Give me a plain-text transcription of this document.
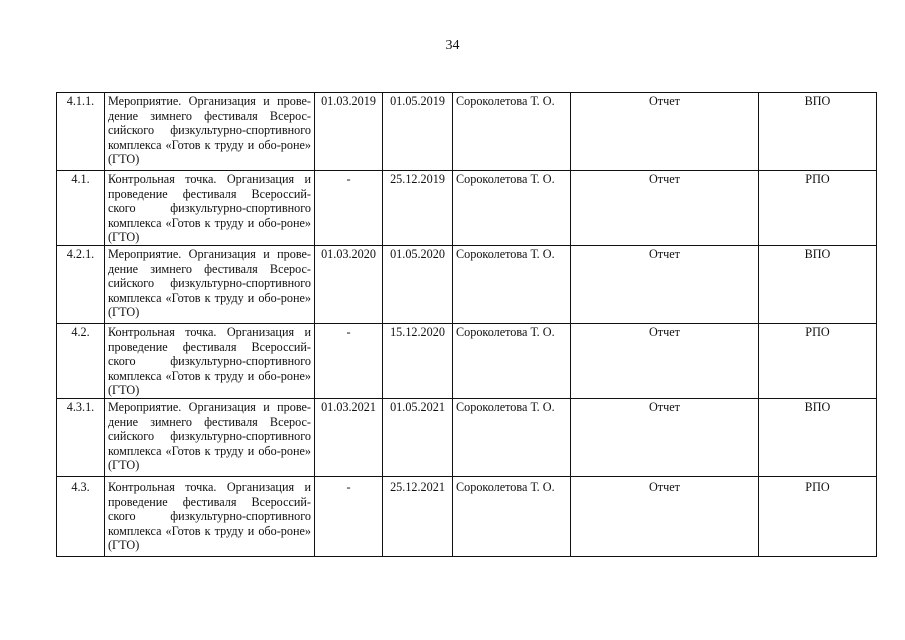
34
4.1.1.	Мероприятие. Организация и прове-дение зимнего фестиваля Всерос-сийского физкультурно-спортивного комплекса «Готов к труду и обо-роне» (ГТО)	01.03.2019	01.05.2019	Сороколетова Т. О.	Отчет	ВПО
4.1.	Контрольная точка. Организация и проведение фестиваля Всероссий-ского физкультурно-спортивного комплекса «Готов к труду и обо-роне» (ГТО)	-	25.12.2019	Сороколетова Т. О.	Отчет	РПО
4.2.1.	Мероприятие. Организация и прове-дение зимнего фестиваля Всерос-сийского физкультурно-спортивного комплекса «Готов к труду и обо-роне» (ГТО)	01.03.2020	01.05.2020	Сороколетова Т. О.	Отчет	ВПО
4.2.	Контрольная точка. Организация и проведение фестиваля Всероссий-ского физкультурно-спортивного комплекса «Готов к труду и обо-роне» (ГТО)	-	15.12.2020	Сороколетова Т. О.	Отчет	РПО
4.3.1.	Мероприятие. Организация и прове-дение зимнего фестиваля Всерос-сийского физкультурно-спортивного комплекса «Готов к труду и обо-роне» (ГТО)	01.03.2021	01.05.2021	Сороколетова Т. О.	Отчет	ВПО
4.3.	Контрольная точка. Организация и проведение фестиваля Всероссий-ского физкультурно-спортивного комплекса «Готов к труду и обо-роне» (ГТО)	-	25.12.2021	Сороколетова Т. О.	Отчет	РПО
